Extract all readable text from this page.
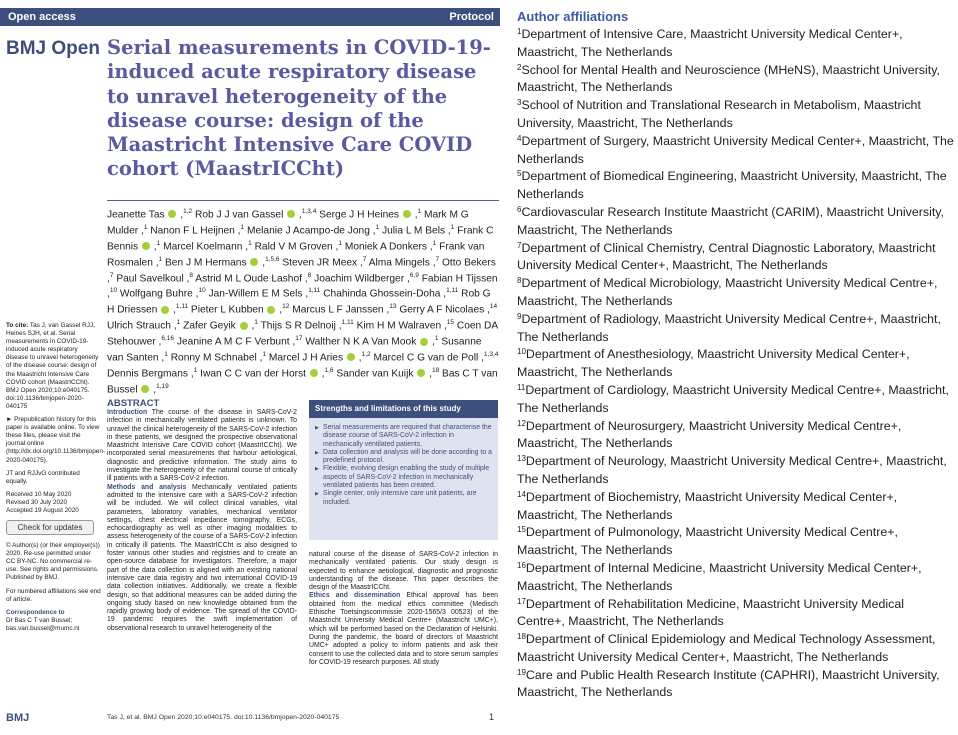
Open access	Protocol
BMJ Open Serial measurements in COVID-19-induced acute respiratory disease to unravel heterogeneity of the disease course: design of the Maastricht Intensive Care COVID cohort (MaastrICCht)
Jeanette Tas  ,$^{1,2}$ Rob J J van Gassel  ,$^{1,3,4}$ Serge J H Heines  ,$^1$ Mark M G Mulder ,$^1$ Nanon F L Heijnen ,$^1$ Melanie J Acampo-de Jong ,$^1$ Julia L M Bels ,$^1$ Frank C Bennis  ,$^1$ Marcel Koelmann ,$^1$ Rald V M Groven ,$^1$ Moniek A Donkers ,$^1$ Frank van Rosmalen ,$^1$ Ben J M Hermans  ,$^{1,5,6}$ Steven JR Meex ,$^7$ Alma Mingels ,$^7$ Otto Bekers ,$^7$ Paul Savelkoul ,$^8$ Astrid M L Oude Lashof ,$^8$ Joachim Wildberger ,$^{6,9}$ Fabian H Tijssen ,$^{10}$ Wolfgang Buhre ,$^{10}$ Jan-Willem E M Sels ,$^{1,11}$ Chahinda Ghossein-Doha ,$^{1,11}$ Rob G H Driessen  ,$^{1,11}$ Pieter L Kubben  ,$^{12}$ Marcus L F Janssen ,$^{13}$ Gerry A F Nicolaes ,$^{14}$ Ulrich Strauch ,$^1$ Zafer Geyik  ,$^1$ Thijs S R Delnoij ,$^{1,11}$ Kim H M Walraven ,$^{15}$ Coen DA Stehouwer ,$^{6,16}$ Jeanine A M C F Verbunt ,$^{17}$ Walther N K A Van Mook  ,$^1$ Susanne van Santen ,$^1$ Ronny M Schnabel ,$^1$ Marcel J H Aries  ,$^{1,2}$ Marcel C G van de Poll ,$^{1,3,4}$ Dennis Bergmans ,$^1$ Iwan C C van der Horst  ,$^{1,6}$ Sander van Kuijk  ,$^{18}$ Bas C T van Bussel  ,$^{1,19}$

To cite: Tas J, van Gassel RJJ, Heines SJH, et al. Serial measurements in COVID-19-induced acute respiratory disease to unravel heterogeneity of the disease course: design of the Maastricht Intensive Care COVID cohort (MaastrICCht). BMJ Open 2020;10:e040175. doi:10.1136/bmjopen-2020-040175

► Prepublication history for this paper is available online. To view these files, please visit the journal online (http://dx.doi.org/10.1136/bmjopen-2020-040175).

JT and RJJvG contributed equally.

Received 10 May 2020
Revised 30 July 2020
Accepted 19 August 2020

Check for updates

© Author(s) (or their employer(s)) 2020. Re-use permitted under CC BY-NC. No commercial re-use. See rights and permissions. Published by BMJ.

For numbered affiliations see end of article.

Correspondence to
Dr Bas C T van Bussel;
bas.van.bussel@mumc.nl

ABSTRACT
Introduction The course of the disease in SARS-CoV-2 infection in mechanically ventilated patients is unknown. To unravel the clinical heterogeneity of the SARS-CoV-2 infection in these patients, we designed the prospective observational Maastricht Intensive Care COVID cohort (MaastrICCht). We incorporated serial measurements that harbour aetiological, diagnostic and predictive information. The study aims to investigate the heterogeneity of the natural course of critically ill patients with a SARS-CoV-2 infection.
Methods and analysis Mechanically ventilated patients admitted to the intensive care with a SARS-CoV-2 infection will be included. We will collect clinical variables, vital parameters, laboratory variables, mechanical ventilator settings, chest electrical impedance tomography, ECGs, echocardiography as well as other imaging modalities to assess heterogeneity of the course of a SARS-CoV-2 infection in critically ill patients. The MaastrICCht is also designed to foster various other studies and registries and to create an open-source database for investigators. Therefore, a major part of the data collection is aligned with an existing national intensive care data registry and two international COVID-19 data collection initiatives. Additionally, we create a flexible design, so that additional measures can be added during the ongoing study based on new knowledge obtained from the rapidly growing body of evidence. The spread of the COVID-19 pandemic requires the swift implementation of observational research to unravel heterogeneity of the
Strengths and limitations of this study
▶ Serial measurements are required that characterise the disease course of SARS-CoV-2 infection in mechanically ventilated patients.
▶ Data collection and analysis will be done according to a predefined protocol.
▶ Flexible, evolving design enabling the study of multiple aspects of SARS-CoV-2 infection in mechanically ventilated patients has been created.
▶ Single center, only intensive care unit patients, are included.
natural course of the disease of SARS-CoV-2 infection in mechanically ventilated patients. Our study design is expected to enhance aetiological, diagnostic and prognostic understanding of the disease. This paper describes the design of the MaastrICCht.
Ethics and dissemination Ethical approval has been obtained from the medical ethics committee (Medisch Ethische Toetsingscommissie 2020-1565/3 00523) of the Maastricht University Medical Centre+ (Maastricht UMC+), which will be performed based on the Declaration of Helsinki. During the pandemic, the board of directors of Maastricht UMC+ adopted a policy to inform patients and ask their consent to use the collected data and to store serum samples for COVID-19 research purposes. All study
BMJ	Tas J, et al. BMJ Open 2020;10:e040175. doi:10.1136/bmjopen-2020-040175	1
Author affiliations
$^1$Department of Intensive Care, Maastricht University Medical Center+, Maastricht, The Netherlands
$^2$School for Mental Health and Neuroscience (MHeNS), Maastricht University, Maastricht, The Netherlands
$^3$School of Nutrition and Translational Research in Metabolism, Maastricht University, Maastricht, The Netherlands
$^4$Department of Surgery, Maastricht University Medical Center+, Maastricht, The Netherlands
$^5$Department of Biomedical Engineering, Maastricht University, Maastricht, The Netherlands
$^6$Cardiovascular Research Institute Maastricht (CARIM), Maastricht University, Maastricht, The Netherlands
$^7$Department of Clinical Chemistry, Central Diagnostic Laboratory, Maastricht University Medical Center+, Maastricht, The Netherlands
$^8$Department of Medical Microbiology, Maastricht University Medical Centre+, Maastricht, The Netherlands
$^9$Department of Radiology, Maastricht University Medical Centre+, Maastricht, The Netherlands
$^{10}$Department of Anesthesiology, Maastricht University Medical Center+, Maastricht, The Netherlands
$^{11}$Department of Cardiology, Maastricht University Medical Centre+, Maastricht, The Netherlands
$^{12}$Department of Neurosurgery, Maastricht University Medical Centre+, Maastricht, The Netherlands
$^{13}$Department of Neurology, Maastricht University Medical Centre+, Maastricht, The Netherlands
$^{14}$Department of Biochemistry, Maastricht University Medical Center+, Maastricht, The Netherlands
$^{15}$Department of Pulmonology, Maastricht University Medical Centre+, Maastricht, The Netherlands
$^{16}$Department of Internal Medicine, Maastricht University Medical Center+, Maastricht, The Netherlands
$^{17}$Department of Rehabilitation Medicine, Maastricht University Medical Centre+, Maastricht, The Netherlands
$^{18}$Department of Clinical Epidemiology and Medical Technology Assessment, Maastricht University Medical Center+, Maastricht, The Netherlands
$^{19}$Care and Public Health Research Institute (CAPHRI), Maastricht University, Maastricht, The Netherlands
